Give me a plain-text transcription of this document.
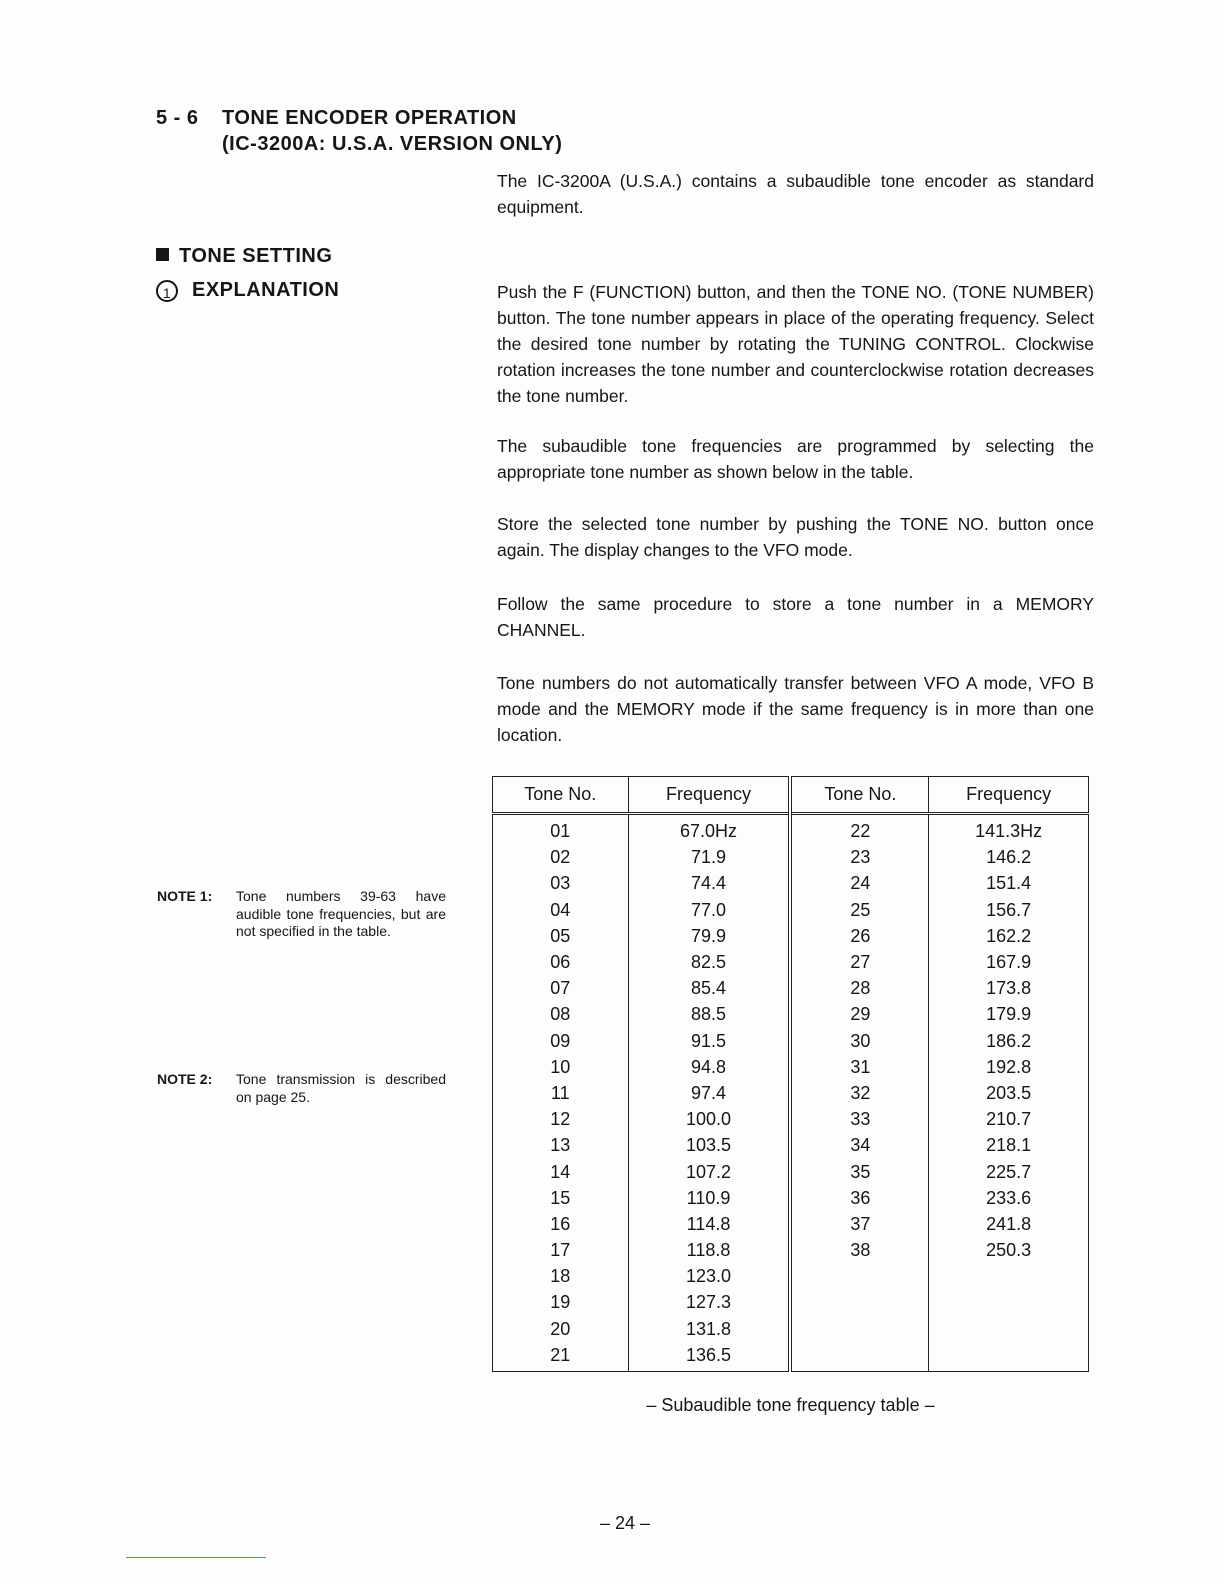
5 - 6 TONE ENCODER OPERATION
(IC-3200A: U.S.A. VERSION ONLY)

The IC-3200A (U.S.A.) contains a subaudible tone encoder as standard equipment.

TONE SETTING
1 EXPLANATION	Push the F (FUNCTION) button, and then the TONE NO. (TONE NUMBER) button. The tone number appears in place of the operating frequency. Select the desired tone number by rotating the TUNING CONTROL. Clockwise rotation increases the tone number and counterclockwise rotation decreases the tone number.

The subaudible tone frequencies are programmed by selecting the appropriate tone number as shown below in the table.

Store the selected tone number by pushing the TONE NO. button once again. The display changes to the VFO mode.

Follow the same procedure to store a tone number in a MEMORY CHANNEL.

Tone numbers do not automatically transfer between VFO A mode, VFO B mode and the MEMORY mode if the same frequency is in more than one location.

NOTE 1:	Tone numbers 39-63 have audible tone frequencies, but are not specified in the table.
NOTE 2:	Tone transmission is described on page 25.
Tone No.	Frequency	Tone No.	Frequency
01	67.0Hz	22	141.3Hz
02	71.9	23	146.2
03	74.4	24	151.4
04	77.0	25	156.7
05	79.9	26	162.2
06	82.5	27	167.9
07	85.4	28	173.8
08	88.5	29	179.9
09	91.5	30	186.2
10	94.8	31	192.8
11	97.4	32	203.5
12	100.0	33	210.7
13	103.5	34	218.1
14	107.2	35	225.7
15	110.9	36	233.6
16	114.8	37	241.8
17	118.8	38	250.3
18	123.0		
19	127.3		
20	131.8		
21	136.5		
– Subaudible tone frequency table –
– 24 –
